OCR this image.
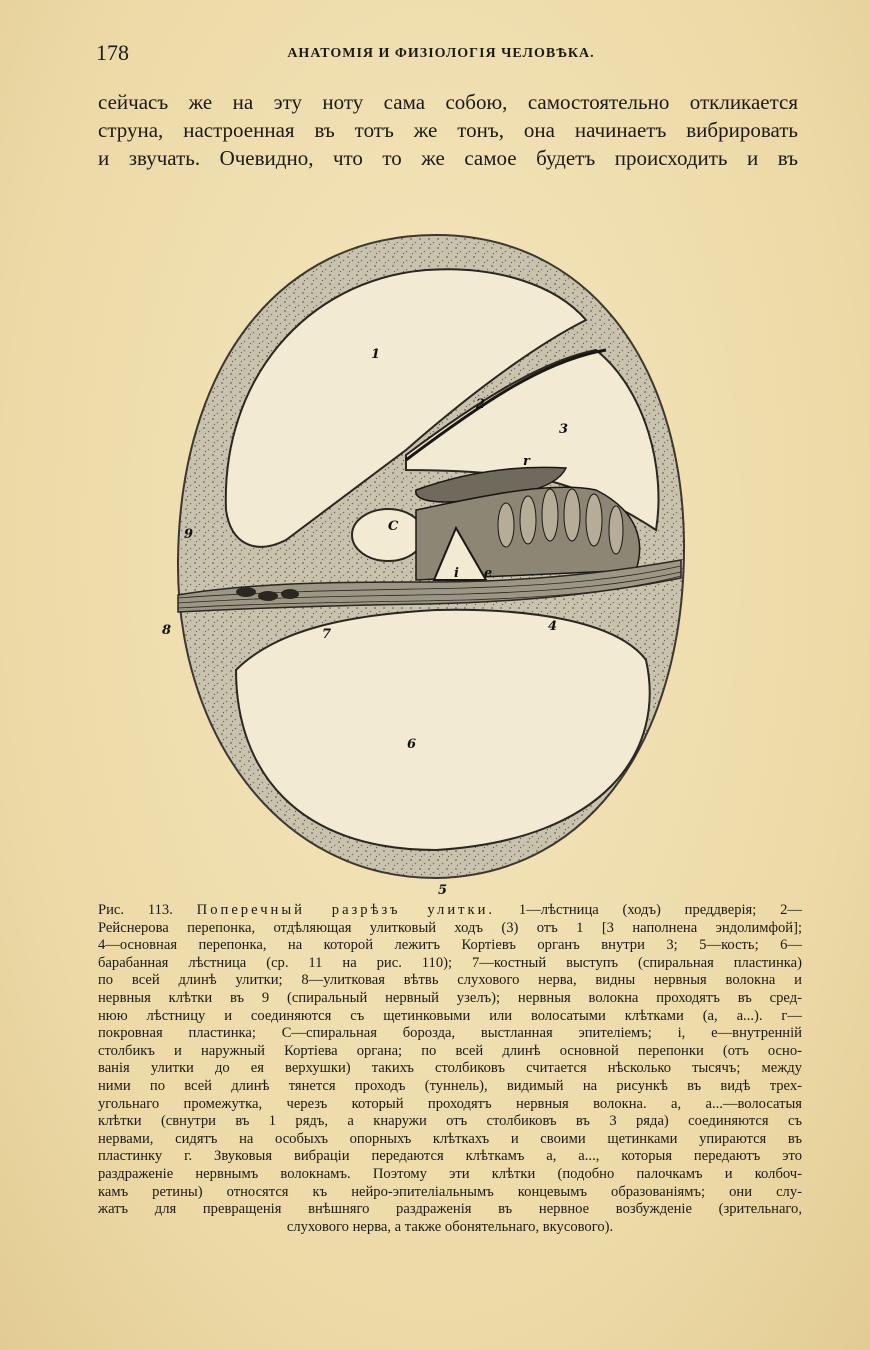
178	АНАТОМІЯ И ФИЗІОЛОГІЯ ЧЕЛОВѢКА.
сейчасъ же на эту ноту сама собою, самостоятельно откликается
струна, настроенная въ тотъ же тонъ, она начинаетъ вибрировать
и звучать. Очевидно, что то же самое будетъ происходить и въ
1
2
3
r
C
9
i e
8	7
4
6
5
Рис. 113. Поперечный разрѣзъ улитки. 1—лѣстница (ходъ) преддверія; 2—
Рейснерова перепонка, отдѣляющая улитковый ходъ (3) отъ 1 [3 наполнена эндолимфой];
4—основная перепонка, на которой лежитъ Кортіевъ органъ внутри 3; 5—кость; 6—
барабанная лѣстница (ср. 11 на рис. 110); 7—костный выступъ (спиральная пластинка)
по всей длинѣ улитки; 8—улитковая вѣтвь слухового нерва, видны нервныя волокна и
нервныя клѣтки въ 9 (спиральный нервный узелъ); нервныя волокна проходятъ въ сред-
нюю лѣстницу и соединяются съ щетинковыми или волосатыми клѣтками (а, а...). г—
покровная пластинка; С—спиральная борозда, выстланная эпителіемъ; i, е—внутренній
столбикъ и наружный Кортіева органа; по всей длинѣ основной перепонки (отъ осно-
ванія улитки до ея верхушки) такихъ столбиковъ считается нѣсколько тысячъ; между
ними по всей длинѣ тянется проходъ (туннель), видимый на рисункѣ въ видѣ трех-
угольнаго промежутка, черезъ который проходятъ нервныя волокна. а, а...—волосатыя
клѣтки (свнутри въ 1 рядъ, а кнаружи отъ столбиковъ въ 3 ряда) соединяются съ
нервами, сидятъ на особыхъ опорныхъ клѣткахъ и своими щетинками упираются въ
пластинку г. Звуковыя вибраціи передаются клѣткамъ а, а..., которыя передаютъ это
раздраженіе нервнымъ волокнамъ. Поэтому эти клѣтки (подобно палочкамъ и колбоч-
камъ ретины) относятся къ нейро-эпителіальнымъ концевымъ образованіямъ; они слу-
жатъ для превращенія внѣшняго раздраженія въ нервное возбужденіе (зрительнаго,
слухового нерва, а также обонятельнаго, вкусового).
